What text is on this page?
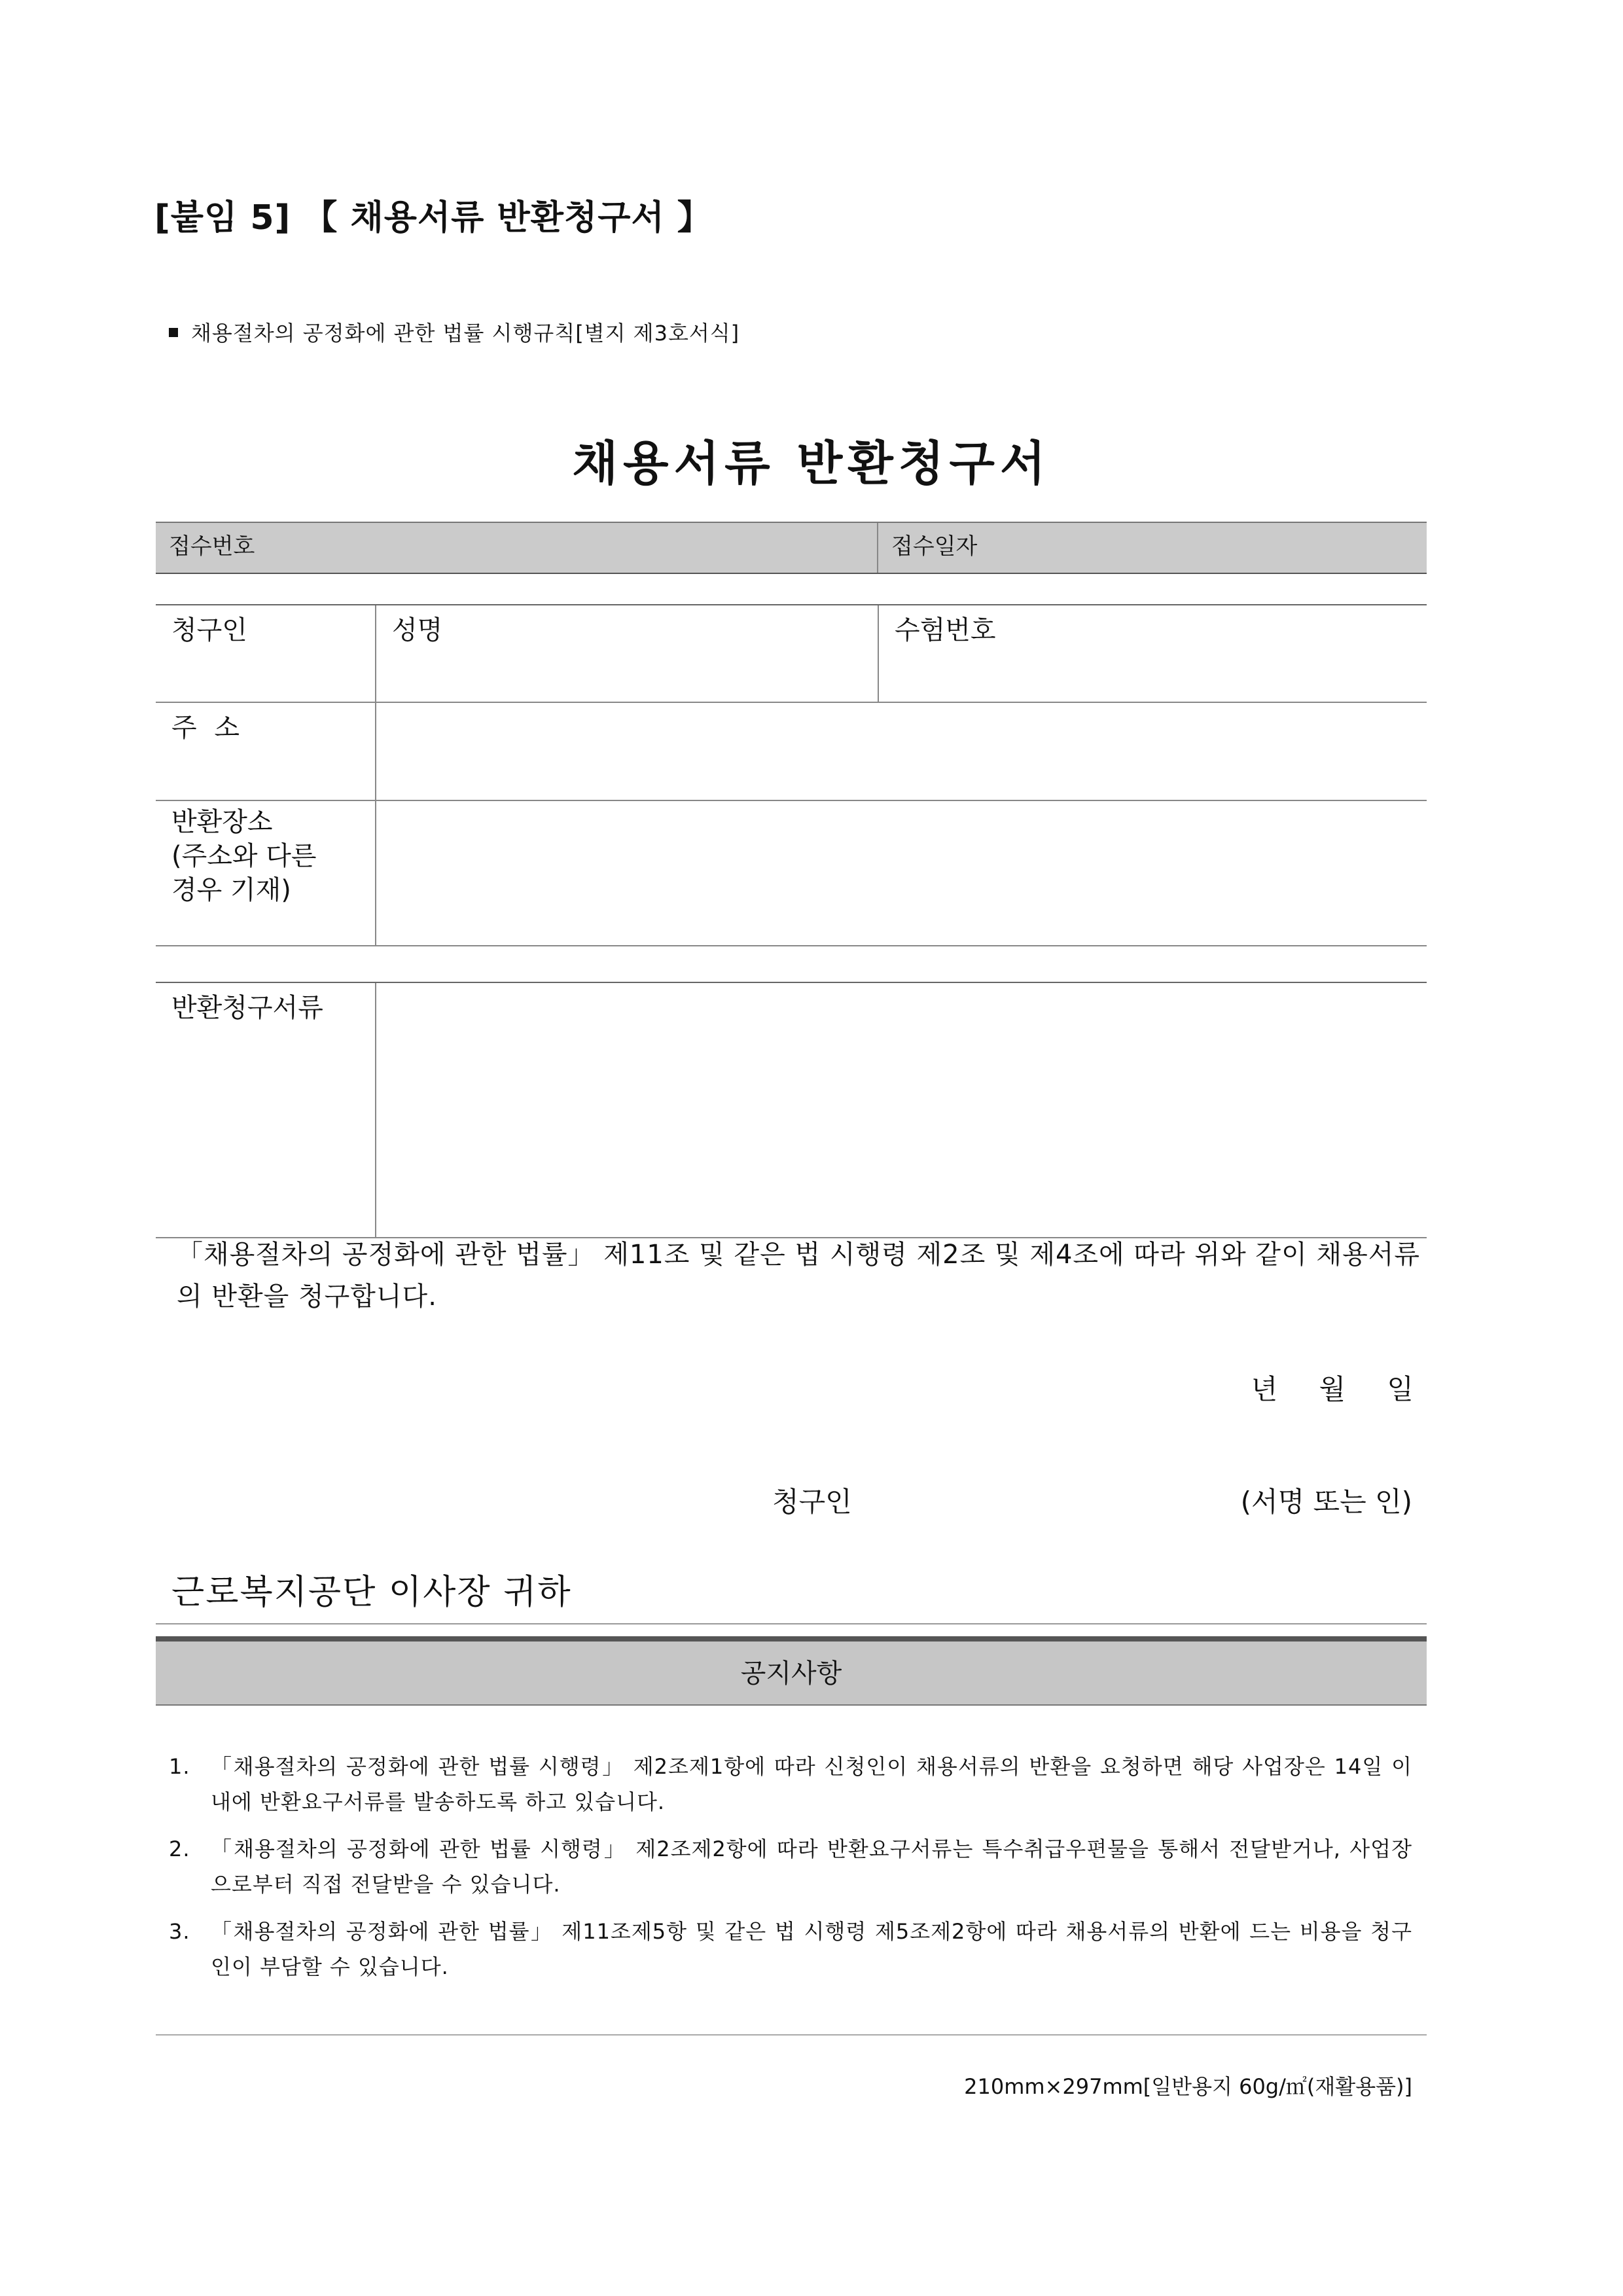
[붙임 5] 【 채용서류 반환청구서 】
채용절차의 공정화에 관한 법률 시행규칙[별지 제3호서식]
채용서류 반환청구서
접수번호	접수일자
청구인	성명	수험번호
주 소		

반환장소
(주소와 다른
경우 기재)		

반환청구서류	
「채용절차의 공정화에 관한 법률」 제11조 및 같은 법 시행령 제2조 및 제4조에 따라 위와 같이 채용서류의 반환을 청구합니다.
년 월 일
청구인	(서명 또는 인)
근로복지공단 이사장 귀하
공지사항
1. 「채용절차의 공정화에 관한 법률 시행령」 제2조제1항에 따라 신청인이 채용서류의 반환을 요청하면 해당 사업장은 14일 이내에 반환요구서류를 발송하도록 하고 있습니다.
2. 「채용절차의 공정화에 관한 법률 시행령」 제2조제2항에 따라 반환요구서류는 특수취급우편물을 통해서 전달받거나, 사업장으로부터 직접 전달받을 수 있습니다.
3. 「채용절차의 공정화에 관한 법률」 제11조제5항 및 같은 법 시행령 제5조제2항에 따라 채용서류의 반환에 드는 비용을 청구인이 부담할 수 있습니다.
210mm×297mm[일반용지 60g/㎡(재활용품)]
